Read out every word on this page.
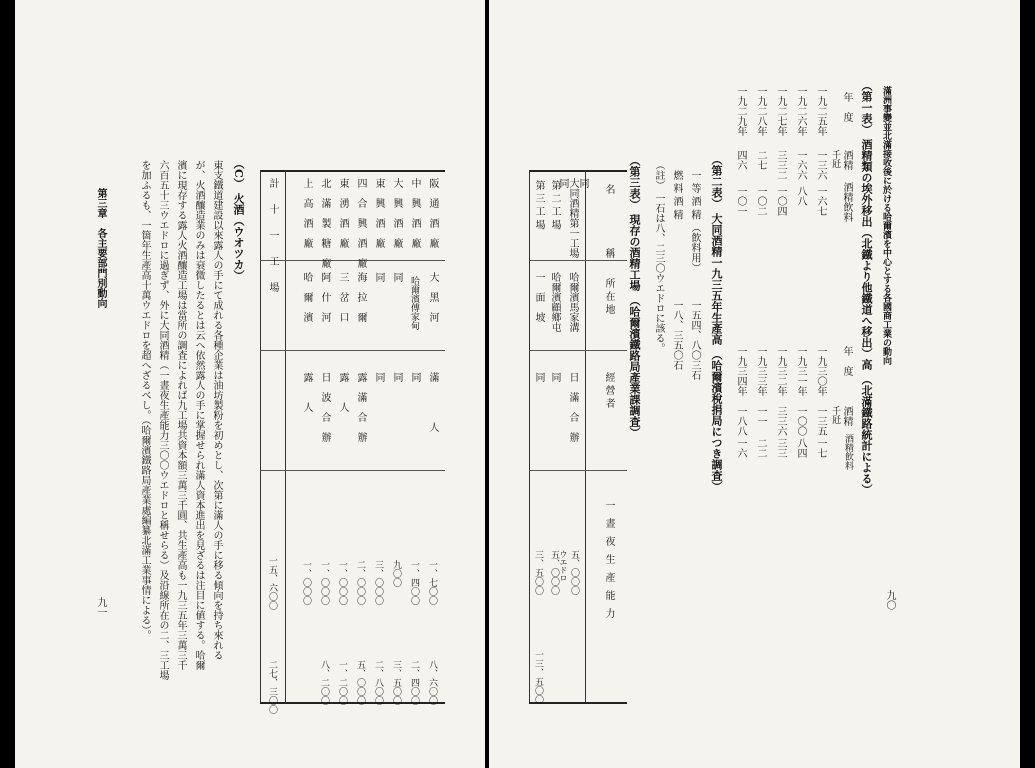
九〇
滿洲事變並北滿接收後に於ける哈爾濱を中心とする各國商工業の動向
（第一表） 酒精類の埃外移出（北鐵より他鐵道へ移出）高 （北滿鐵路統計による）
年　度
酒精
酒精飲料
年　度
酒精
酒精飲料
千瓩
千瓩
一九二五年
一三六
一六七
一九三〇年
一三五
一七
一九二六年
一六六
八八
一九三一年
一〇〇
八四
一九二七年
三三二
一〇四
一九三二年
三三六
三三
一九二八年
二七
一〇二
一九三三年
一一
二二
一九二九年
四六
一〇一
一九三四年
一八八
一六
（第二表） 大同酒精一九三五年生產高 （哈爾濱稅捐局につき調査）
一 等 酒 精 （飲料用）
一五四、八〇三石
燃 料 酒 精
一八、三五〇石
（註） 一石は八、二三〇ウエドロに該る。
（第三表） 現存の酒精工場 （哈爾濱鐵路局產業課調査）
名　　　稱
所 在 地
經 營 者
一晝夜生產能力
大同酒精第一工場
哈爾濱馬家溝
日　滿　合　辦
五、〇〇〇
ウエドロ
同
第 二 工 場
哈爾濱顧鄉屯
同
五、〇〇〇
同
第 三 工 場
一　面　坡
同
三、五〇〇
一三、五〇〇
九一
第三章　各主要部門別動向	阪　通　酒　廠
大　黑　河
滿　　　　人
一、七〇〇
八、六〇〇
中　興　酒　廠
哈爾濱傅家甸
同
一、四〇〇
二、四〇〇
大　興　酒　廠
同
同
九〇〇
三、五〇〇
東　興　酒　廠
同
同
三、〇〇〇
二、八〇〇
四　合　興　酒　廠
海　拉　爾
露　滿　合　辦
二、〇〇〇
五、〇〇〇
東　湧　酒　廠
三　岔　口
露　　人
一、〇〇〇
一、二〇〇
北　滿　製　糖　廠
阿　什　河
日　波　合　辦
一、〇〇〇
八、二〇〇
上　高　酒　廠
哈　爾　濱
露　　人
一、〇〇〇
計　十　一　工　場
一五、六〇〇
二七、三〇〇
（C） 火酒（ウオツカ）
東支鐵道建設以來露人の手にて成れる各種企業は油坊製粉を初めとし、次第に滿人の手に移る傾向を持ち來れる
が、火酒釀造業のみは衰微したるとは云へ依然露人の手に掌握せられ滿人資本進出を見ざるは注目に値する。哈爾
濱に現存する露人火酒釀造工場は當所の調査によれば九工場共資本額三萬三千圓、共生產高も一九三五年三萬三千
六百五十三ウエドロに過ぎず、外に大同酒精（一晝夜生產能力三〇〇ウエドロと稱せらる）及沿線所在の二、三工場
を加ふるも、一箇年生產高十萬ウエドロを超へざるべし。（哈爾濱鐵路局產業處編纂北滿工業事情による）。
